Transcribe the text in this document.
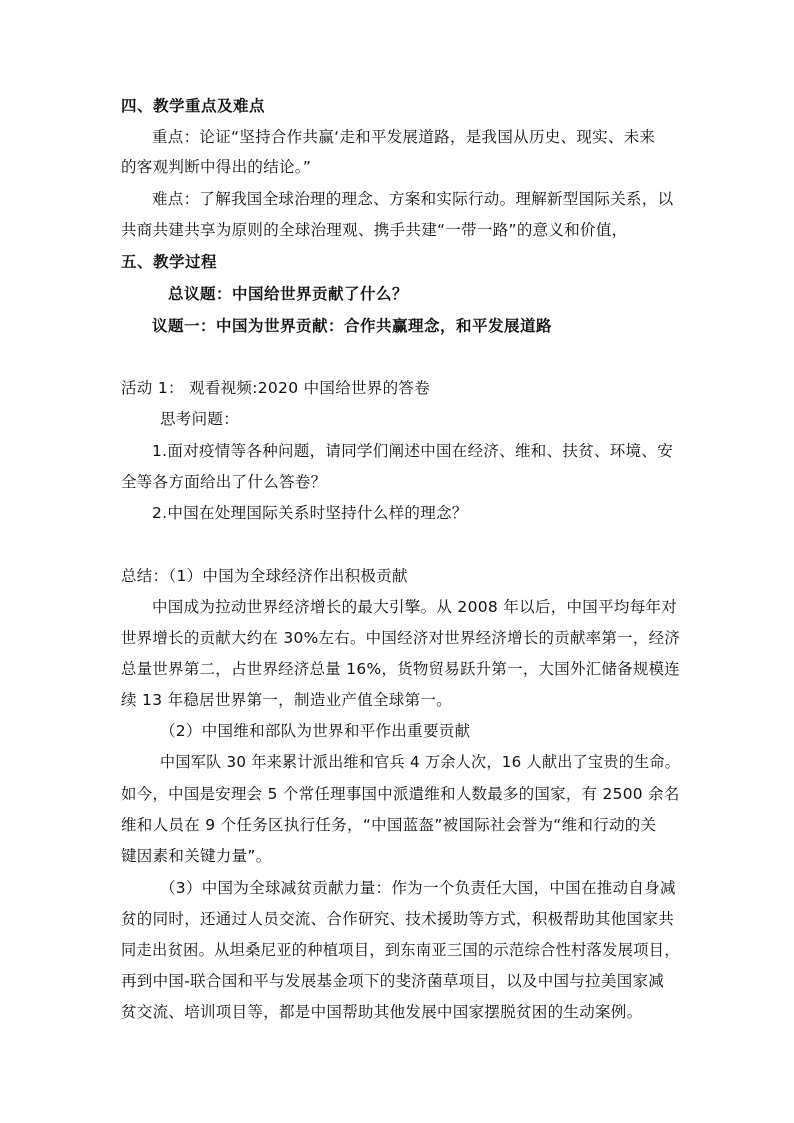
四、教学重点及难点
重点：论证“坚持合作共赢‘走和平发展道路，是我国从历史、现实、未来
的客观判断中得出的结论。”
难点：了解我国全球治理的理念、方案和实际行动。理解新型国际关系，以
共商共建共享为原则的全球治理观、携手共建“一带一路”的意义和价值，
五、教学过程
总议题：中国给世界贡献了什么？
议题一：中国为世界贡献：合作共赢理念，和平发展道路
活动 1： 观看视频:2020 中国给世界的答卷
思考问题：
1.面对疫情等各种问题，请同学们阐述中国在经济、维和、扶贫、环境、安
全等各方面给出了什么答卷？
2.中国在处理国际关系时坚持什么样的理念？
总结：（1）中国为全球经济作出积极贡献
中国成为拉动世界经济增长的最大引擎。从 2008 年以后，中国平均每年对
世界增长的贡献大约在 30%左右。中国经济对世界经济增长的贡献率第一，经济
总量世界第二，占世界经济总量 16%，货物贸易跃升第一，大国外汇储备规模连
续 13 年稳居世界第一，制造业产值全球第一。
（2）中国维和部队为世界和平作出重要贡献
中国军队 30 年来累计派出维和官兵 4 万余人次，16 人献出了宝贵的生命。
如今，中国是安理会 5 个常任理事国中派遣维和人数最多的国家，有 2500 余名
维和人员在 9 个任务区执行任务，“中国蓝盔”被国际社会誉为“维和行动的关
键因素和关键力量”。
（3）中国为全球减贫贡献力量：作为一个负责任大国，中国在推动自身减
贫的同时，还通过人员交流、合作研究、技术援助等方式，积极帮助其他国家共
同走出贫困。从坦桑尼亚的种植项目，到东南亚三国的示范综合性村落发展项目，
再到中国-联合国和平与发展基金项下的斐济菌草项目，以及中国与拉美国家减
贫交流、培训项目等，都是中国帮助其他发展中国家摆脱贫困的生动案例。
